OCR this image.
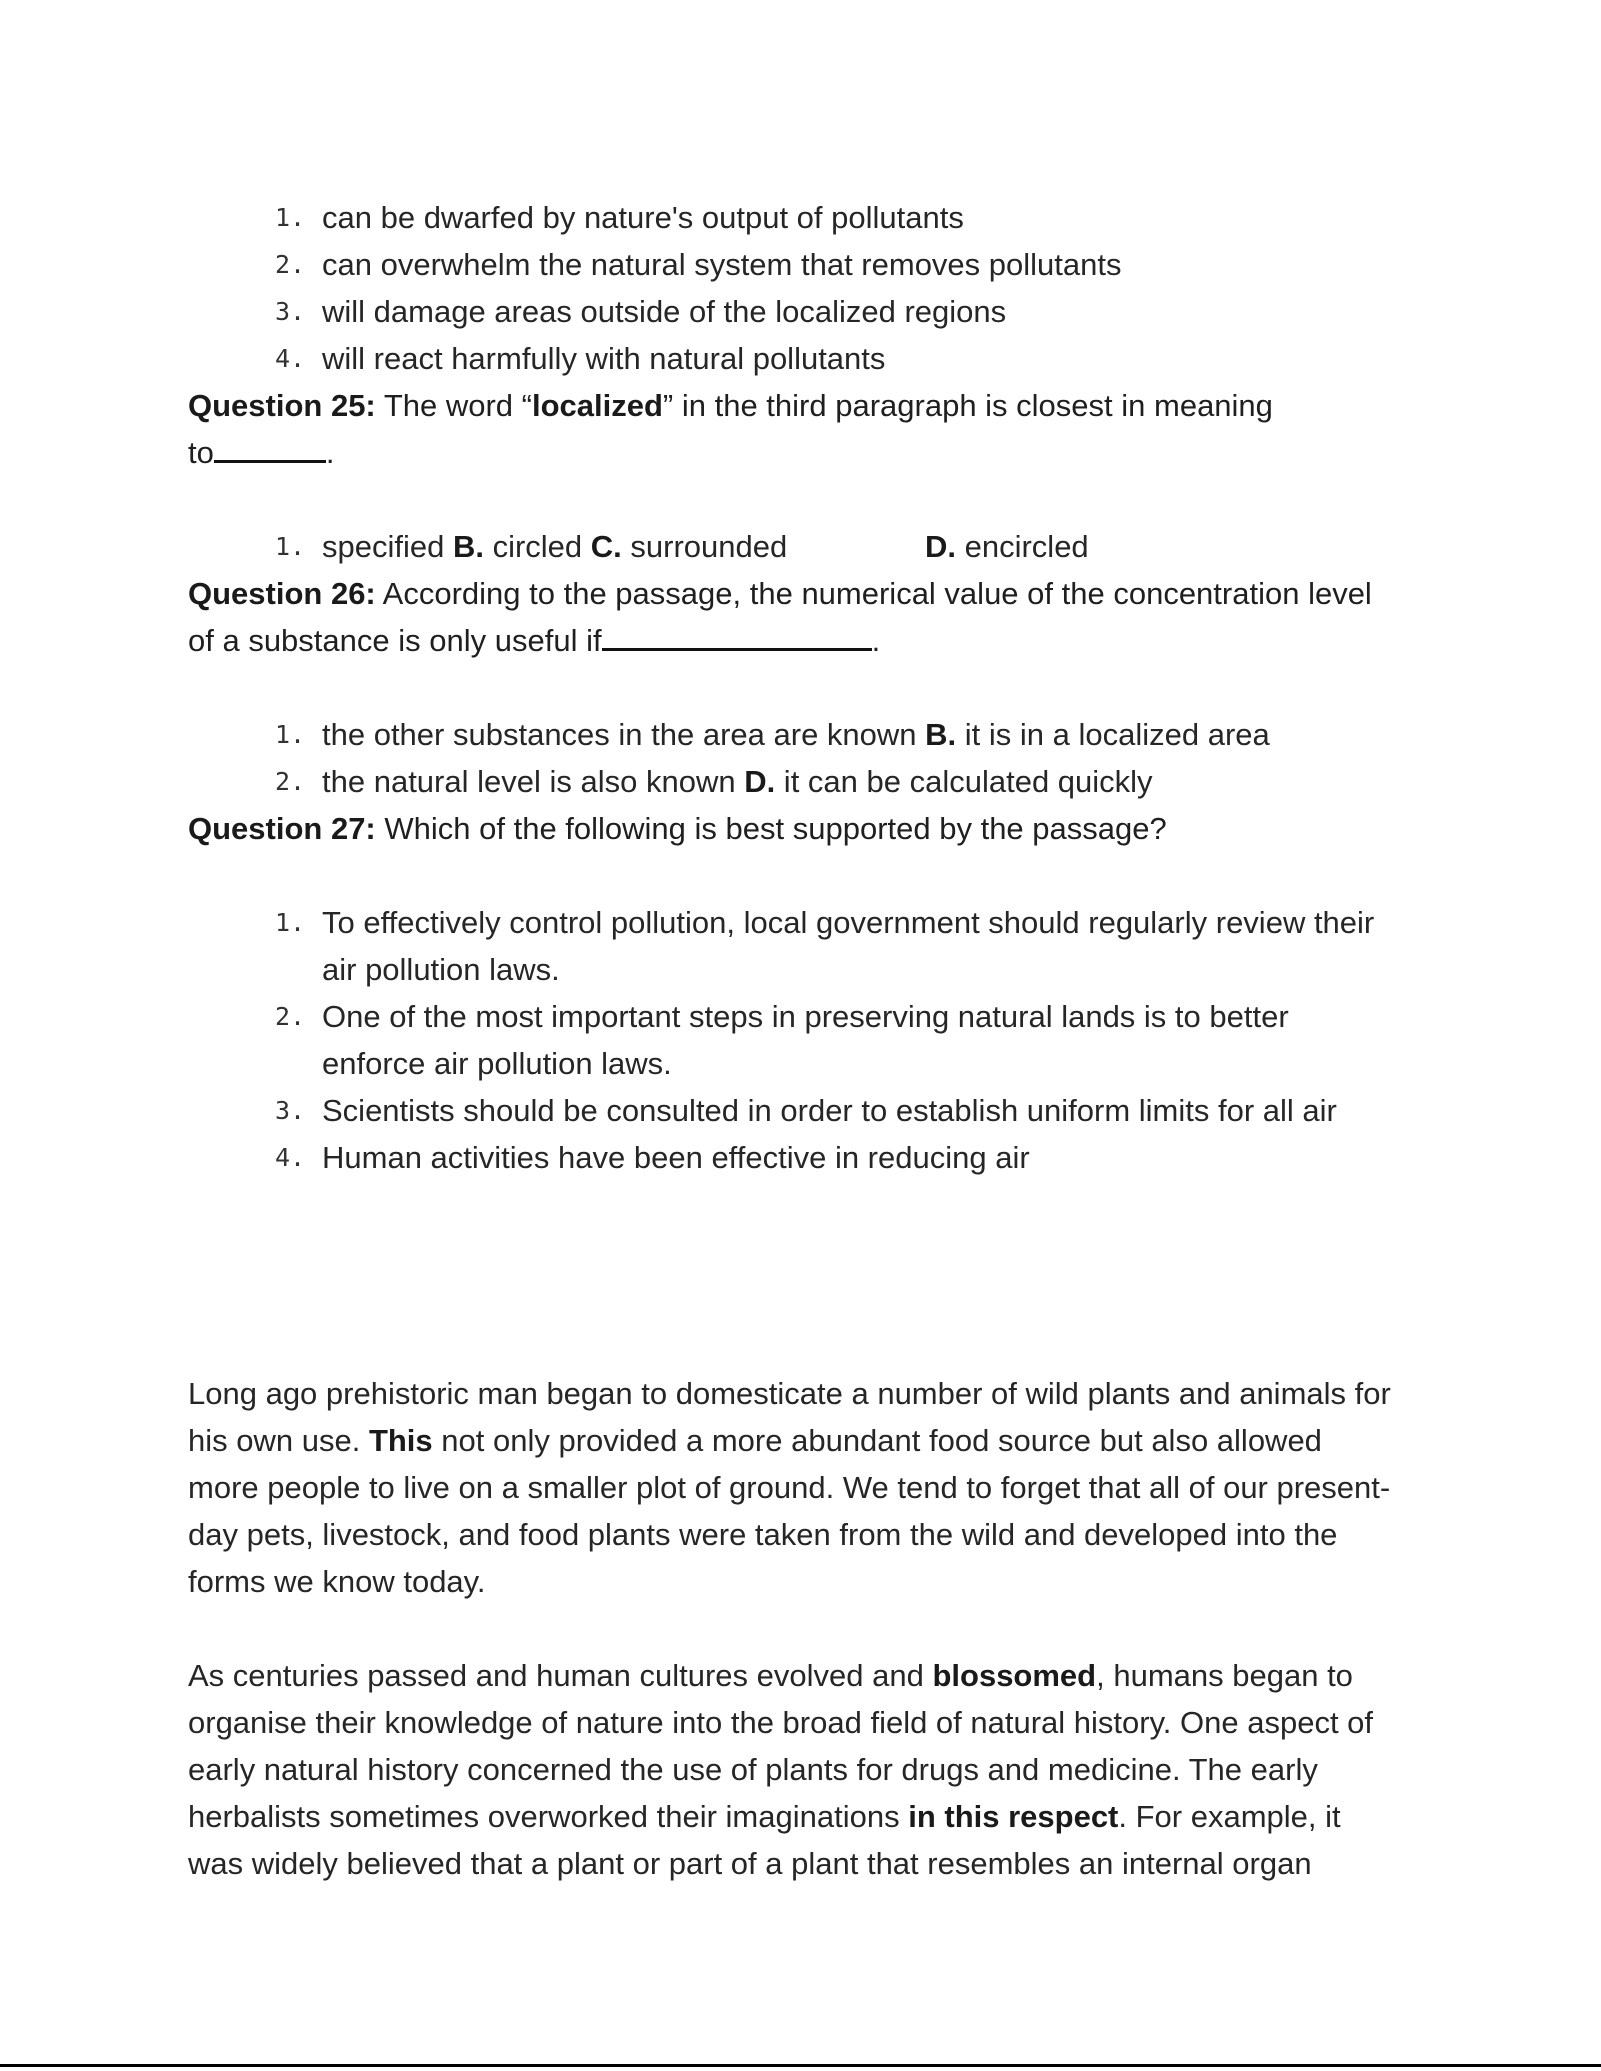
1. can be dwarfed by nature's output of pollutants
2. can overwhelm the natural system that removes pollutants
3. will damage areas outside of the localized regions
4. will react harmfully with natural pollutants
Question 25: The word “localized” in the third paragraph is closest in meaning
to	.
1. specified B. circled C. surrounded	D. encircled
Question 26: According to the passage, the numerical value of the concentration level
of a substance is only useful if	.
1. the other substances in the area are known B. it is in a localized area
2. the natural level is also known D. it can be calculated quickly
Question 27: Which of the following is best supported by the passage?
1. To effectively control pollution, local government should regularly review their
air pollution laws.
2. One of the most important steps in preserving natural lands is to better
enforce air pollution laws.
3. Scientists should be consulted in order to establish uniform limits for all air
4. Human activities have been effective in reducing air
Long ago prehistoric man began to domesticate a number of wild plants and animals for
his own use. This not only provided a more abundant food source but also allowed
more people to live on a smaller plot of ground. We tend to forget that all of our present-
day pets, livestock, and food plants were taken from the wild and developed into the
forms we know today.
As centuries passed and human cultures evolved and blossomed, humans began to
organise their knowledge of nature into the broad field of natural history. One aspect of
early natural history concerned the use of plants for drugs and medicine. The early
herbalists sometimes overworked their imaginations in this respect. For example, it
was widely believed that a plant or part of a plant that resembles an internal organ
